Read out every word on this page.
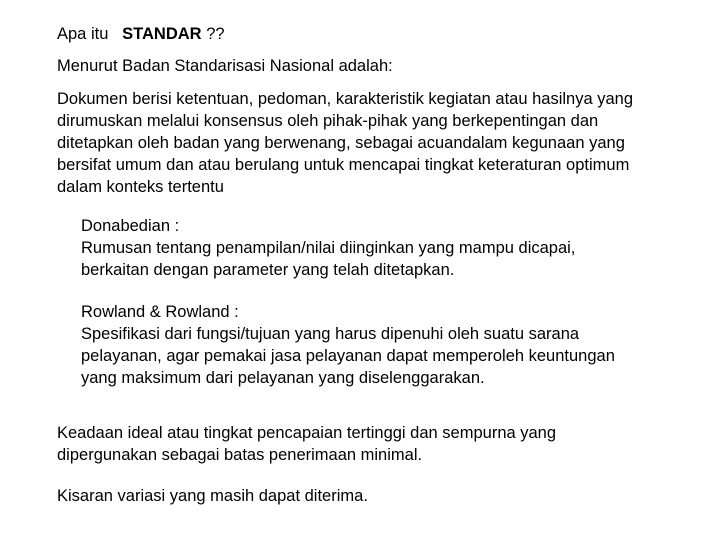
Apa itu STANDAR ??

Menurut Badan Standarisasi Nasional adalah:

Dokumen berisi ketentuan, pedoman, karakteristik kegiatan atau hasilnya yang
dirumuskan melalui konsensus oleh pihak-pihak yang berkepentingan dan
ditetapkan oleh badan yang berwenang, sebagai acuandalam kegunaan yang
bersifat umum dan atau berulang untuk mencapai tingkat keteraturan optimum
dalam konteks tertentu
Donabedian :
Rumusan tentang penampilan/nilai diinginkan yang mampu dicapai,
berkaitan dengan parameter yang telah ditetapkan.
Rowland & Rowland :
Spesifikasi dari fungsi/tujuan yang harus dipenuhi oleh suatu sarana
pelayanan, agar pemakai jasa pelayanan dapat memperoleh keuntungan
yang maksimum dari pelayanan yang diselenggarakan.
Keadaan ideal atau tingkat pencapaian tertinggi dan sempurna yang
dipergunakan sebagai batas penerimaan minimal.

Kisaran variasi yang masih dapat diterima.
